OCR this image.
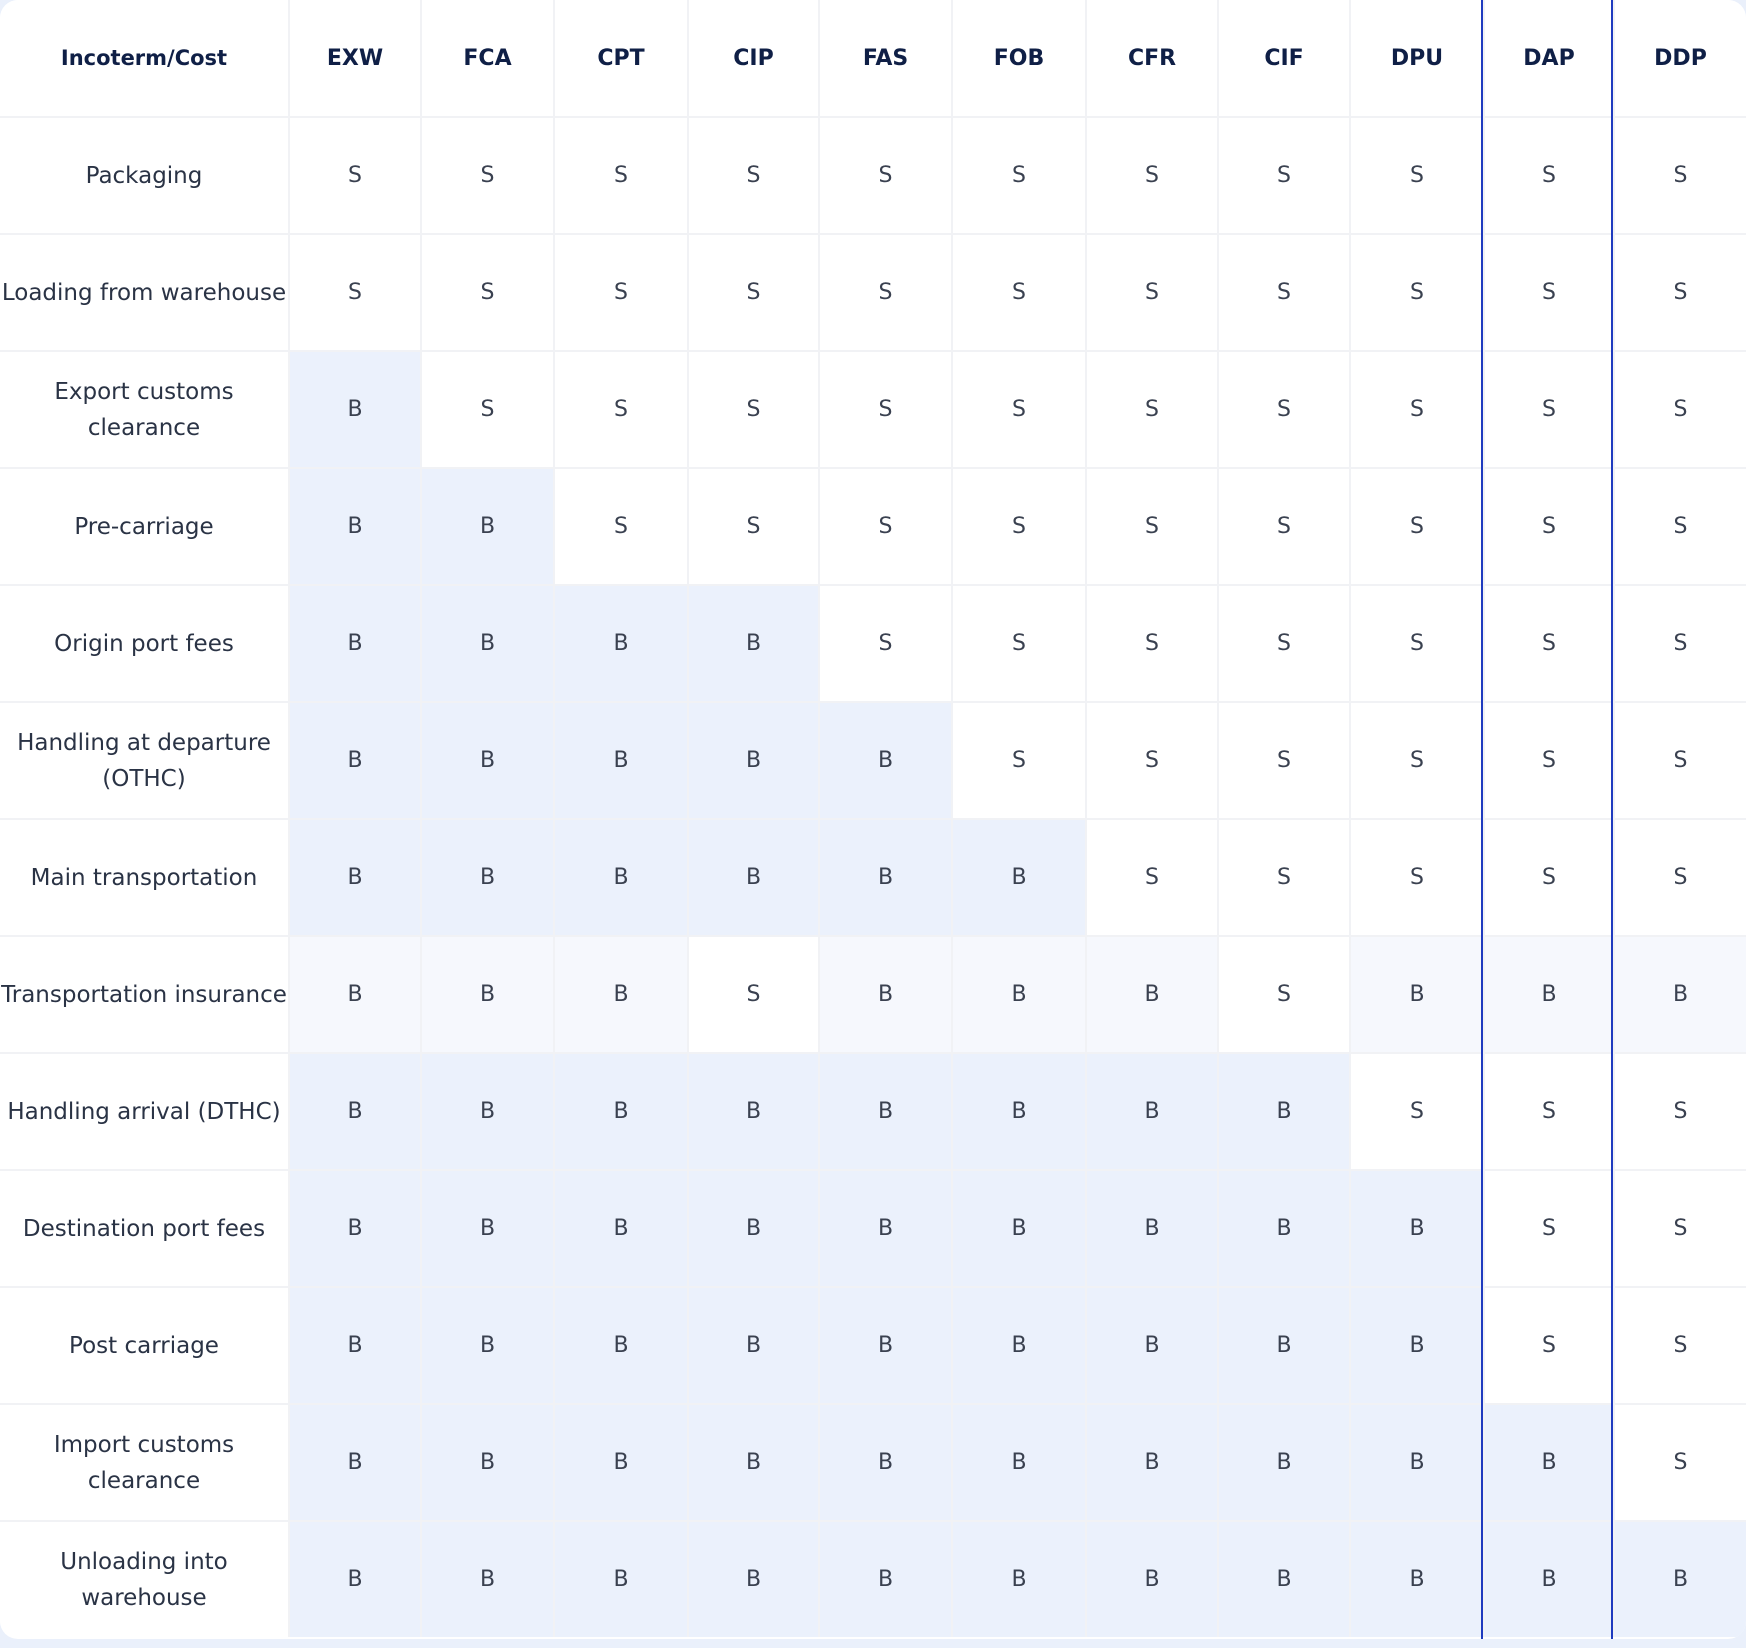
Incoterm/Cost	EXW	FCA	CPT	CIP	FAS	FOB	CFR	CIF	DPU	DAP	DDP
Packaging	S	S	S	S	S	S	S	S	S	S	S
Loading from warehouse	S	S	S	S	S	S	S	S	S	S	S
Export customs clearance	B	S	S	S	S	S	S	S	S	S	S
Pre-carriage	B	B	S	S	S	S	S	S	S	S	S
Origin port fees	B	B	B	B	S	S	S	S	S	S	S
Handling at departure (OTHC)	B	B	B	B	B	S	S	S	S	S	S
Main transportation	B	B	B	B	B	B	S	S	S	S	S
Transportation insurance	B	B	B	S	B	B	B	S	B	B	B
Handling arrival (DTHC)	B	B	B	B	B	B	B	B	S	S	S
Destination port fees	B	B	B	B	B	B	B	B	B	S	S
Post carriage	B	B	B	B	B	B	B	B	B	S	S
Import customs clearance	B	B	B	B	B	B	B	B	B	B	S
Unloading into warehouse	B	B	B	B	B	B	B	B	B	B	B
